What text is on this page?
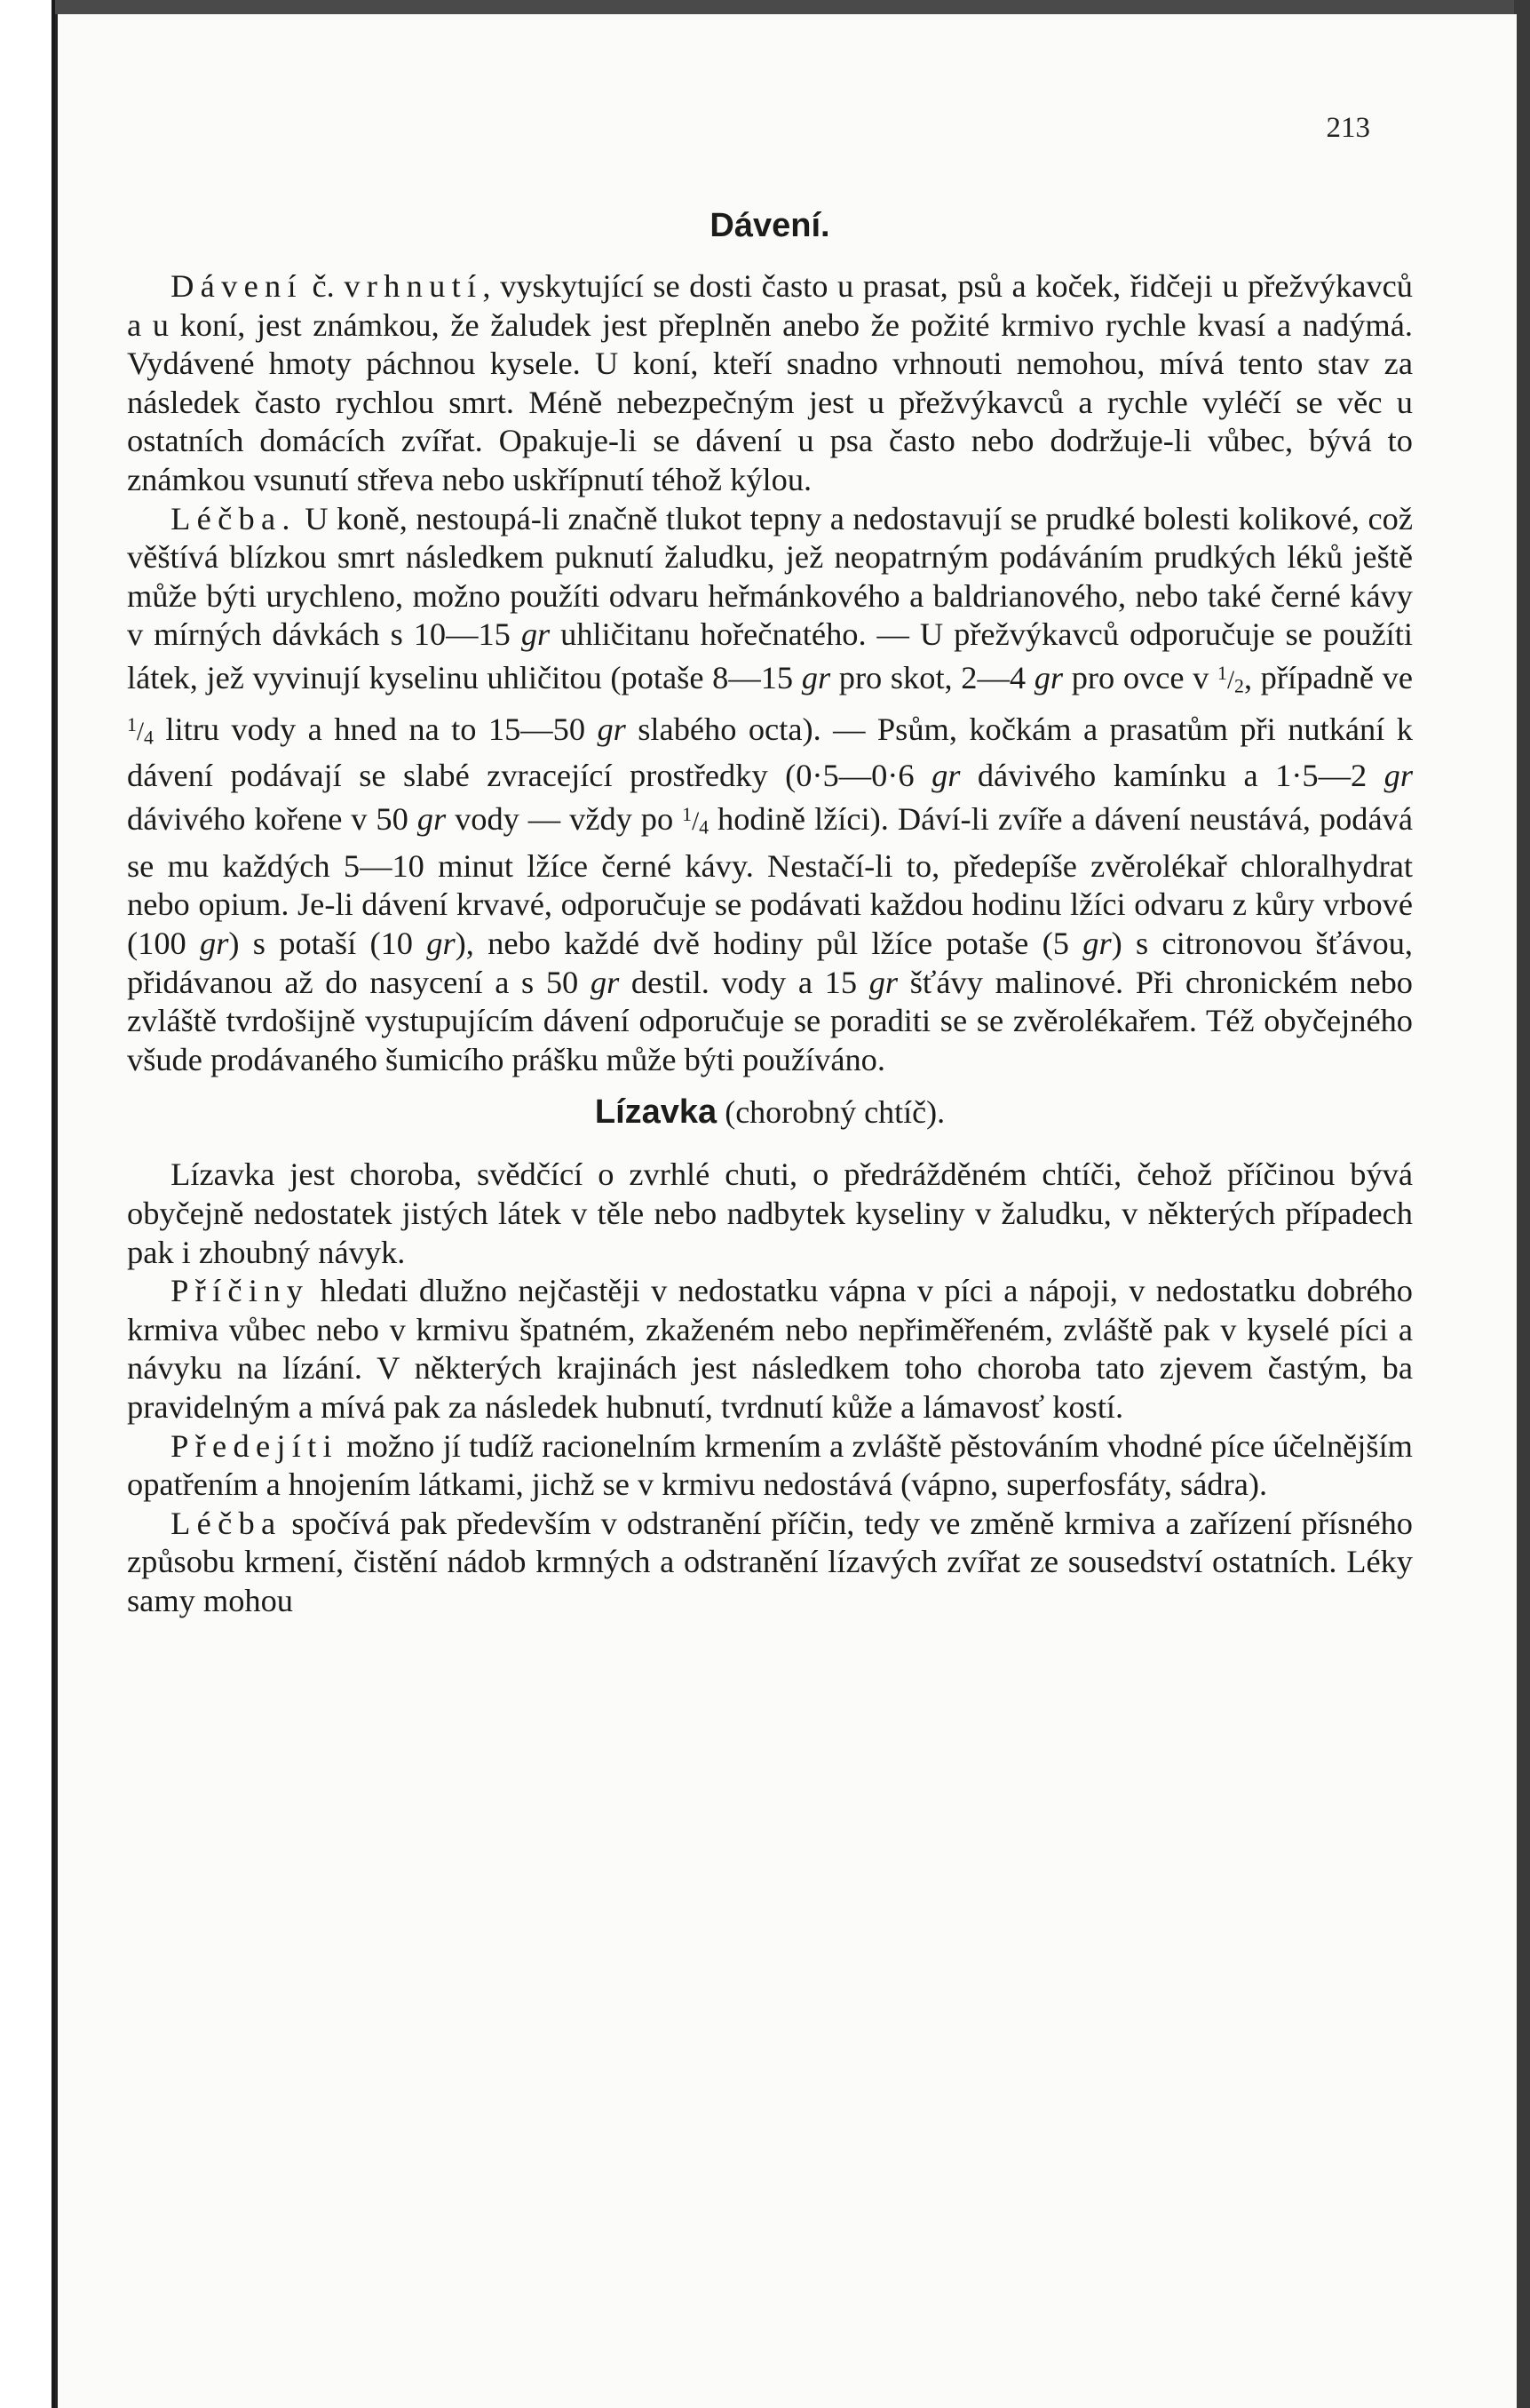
213
Dávení.

Dávení č. vrhnutí, vyskytující se dosti často u prasat, psů a koček, řidčeji u přežvýkavců a u koní, jest známkou, že žaludek jest přeplněn anebo že požité krmivo rychle kvasí a nadýmá. Vydávené hmoty páchnou kysele. U koní, kteří snadno vrhnouti nemohou, mívá tento stav za následek často rychlou smrt. Méně nebezpečným jest u přežvýkavců a rychle vyléčí se věc u ostatních domácích zvířat. Opakuje-li se dávení u psa často nebo dodržuje-li vůbec, bývá to známkou vsunutí střeva nebo uskřípnutí téhož kýlou.

Léčba. U koně, nestoupá-li značně tlukot tepny a nedostavují se prudké bolesti kolikové, což věštívá blízkou smrt následkem puknutí žaludku, jež neopatrným podáváním prudkých léků ještě může býti urychleno, možno použíti odvaru heřmánkového a baldrianového, nebo také černé kávy v mírných dávkách s 10—15 gr uhličitanu hořečnatého. — U přežvýkavců odporučuje se použíti látek, jež vyvinují kyselinu uhličitou (potaše 8—15 gr pro skot, 2—4 gr pro ovce v $^1/_2$, případně ve $^1/_4$ litru vody a hned na to 15—50 gr slabého octa). — Psům, kočkám a prasatům při nutkání k dávení podávají se slabé zvracející prostředky (0·5—0·6 gr dávivého kamínku a 1·5—2 gr dávivého kořene v 50 gr vody — vždy po $^1/_4$ hodině lžíci). Dáví-li zvíře a dávení neustává, podává se mu každých 5—10 minut lžíce černé kávy. Nestačí-li to, předepíše zvěrolékař chloralhydrat nebo opium. Je-li dávení krvavé, odporučuje se podávati každou hodinu lžíci odvaru z kůry vrbové (100 gr) s potaší (10 gr), nebo každé dvě hodiny půl lžíce potaše (5 gr) s citronovou šťávou, přidávanou až do nasycení a s 50 gr destil. vody a 15 gr šťávy malinové. Při chronickém nebo zvláště tvrdošijně vystupujícím dávení odporučuje se poraditi se se zvěrolékařem. Též obyčejného všude prodávaného šumicího prášku může býti používáno.

Lízavka (chorobný chtíč).

Lízavka jest choroba, svědčící o zvrhlé chuti, o předrážděném chtíči, čehož příčinou bývá obyčejně nedostatek jistých látek v těle nebo nadbytek kyseliny v žaludku, v některých případech pak i zhoubný návyk.

Příčiny hledati dlužno nejčastěji v nedostatku vápna v píci a nápoji, v nedostatku dobrého krmiva vůbec nebo v krmivu špatném, zkaženém nebo nepřiměřeném, zvláště pak v kyselé píci a návyku na lízání. V některých krajinách jest následkem toho choroba tato zjevem častým, ba pravidelným a mívá pak za následek hubnutí, tvrdnutí kůže a lámavosť kostí.

Předejíti možno jí tudíž racionelním krmením a zvláště pěstováním vhodné píce účelnějším opatřením a hnojením látkami, jichž se v krmivu nedostává (vápno, superfosfáty, sádra).

Léčba spočívá pak především v odstranění příčin, tedy ve změně krmiva a zařízení přísného způsobu krmení, čistění nádob krmných a odstranění lízavých zvířat ze sousedství ostatních. Léky samy mohou
